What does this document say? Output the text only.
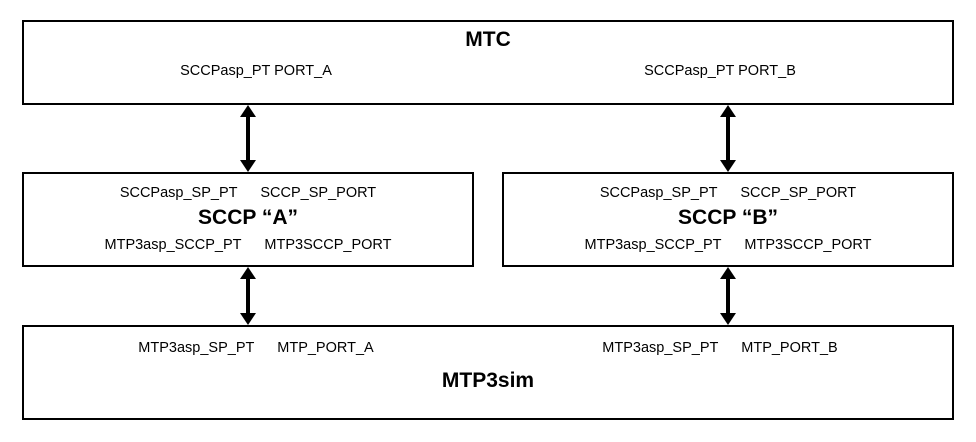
MTC
SCCPasp_PT PORT_A	SCCPasp_PT PORT_B
SCCPasp_SP_PT SCCP_SP_PORT
SCCP “A”
MTP3asp_SCCP_PT MTP3SCCP_PORT
SCCPasp_SP_PT SCCP_SP_PORT
SCCP “B”
MTP3asp_SCCP_PT MTP3SCCP_PORT
MTP3asp_SP_PT MTP_PORT_A	MTP3asp_SP_PT MTP_PORT_B
MTP3sim
